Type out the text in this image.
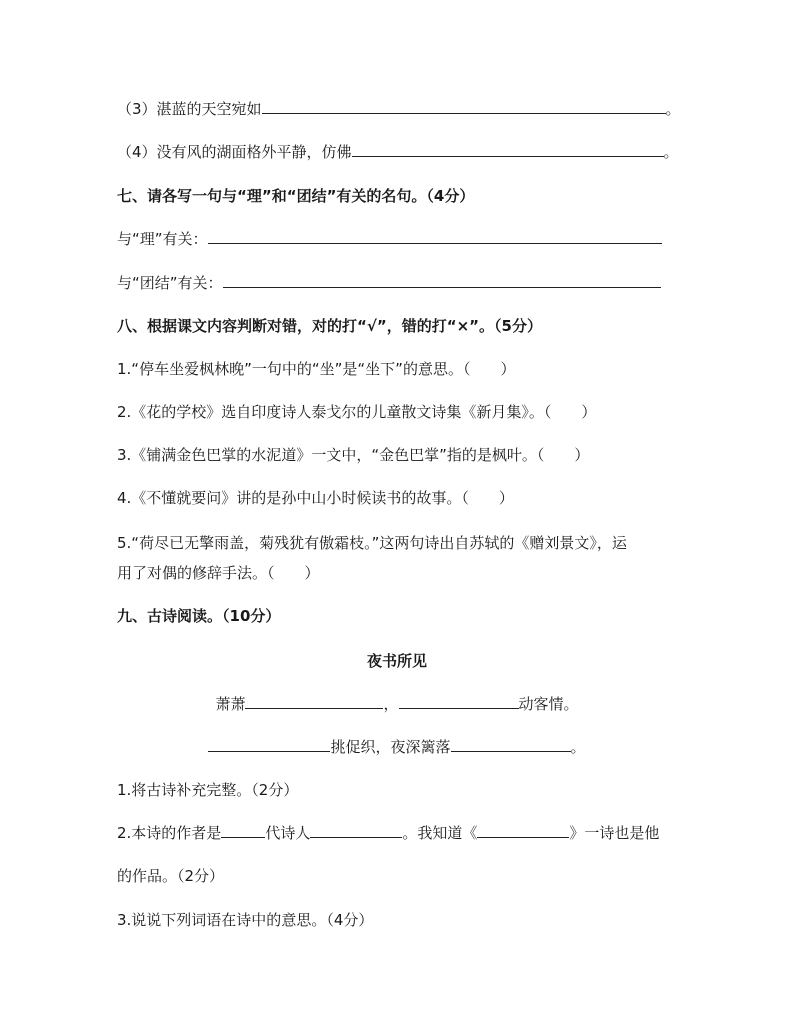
（3）湛蓝的天空宛如	。
（4）没有风的湖面格外平静，仿佛	。
七、请各写一句与“理”和“团结”有关的名句。（4分）
与“理”有关：
与“团结”有关：
八、根据课文内容判断对错，对的打“√”，错的打“×”。（5分）
1.“停车坐爱枫林晚”一句中的“坐”是“坐下”的意思。（　　）
2.《花的学校》选自印度诗人泰戈尔的儿童散文诗集《新月集》。（　　）
3.《铺满金色巴掌的水泥道》一文中，“金色巴掌”指的是枫叶。（　　）
4.《不懂就要问》讲的是孙中山小时候读书的故事。（　　）
5.“荷尽已无擎雨盖，菊残犹有傲霜枝。”这两句诗出自苏轼的《赠刘景文》，运
用了对偶的修辞手法。（　　）
九、古诗阅读。（10分）
夜书所见
萧萧	，	动客情。
挑促织，夜深篱落	。
1.将古诗补充完整。（2分）
2.本诗的作者是	代诗人	。我知道《	》一诗也是他
的作品。（2分）
3.说说下列词语在诗中的意思。（4分）
